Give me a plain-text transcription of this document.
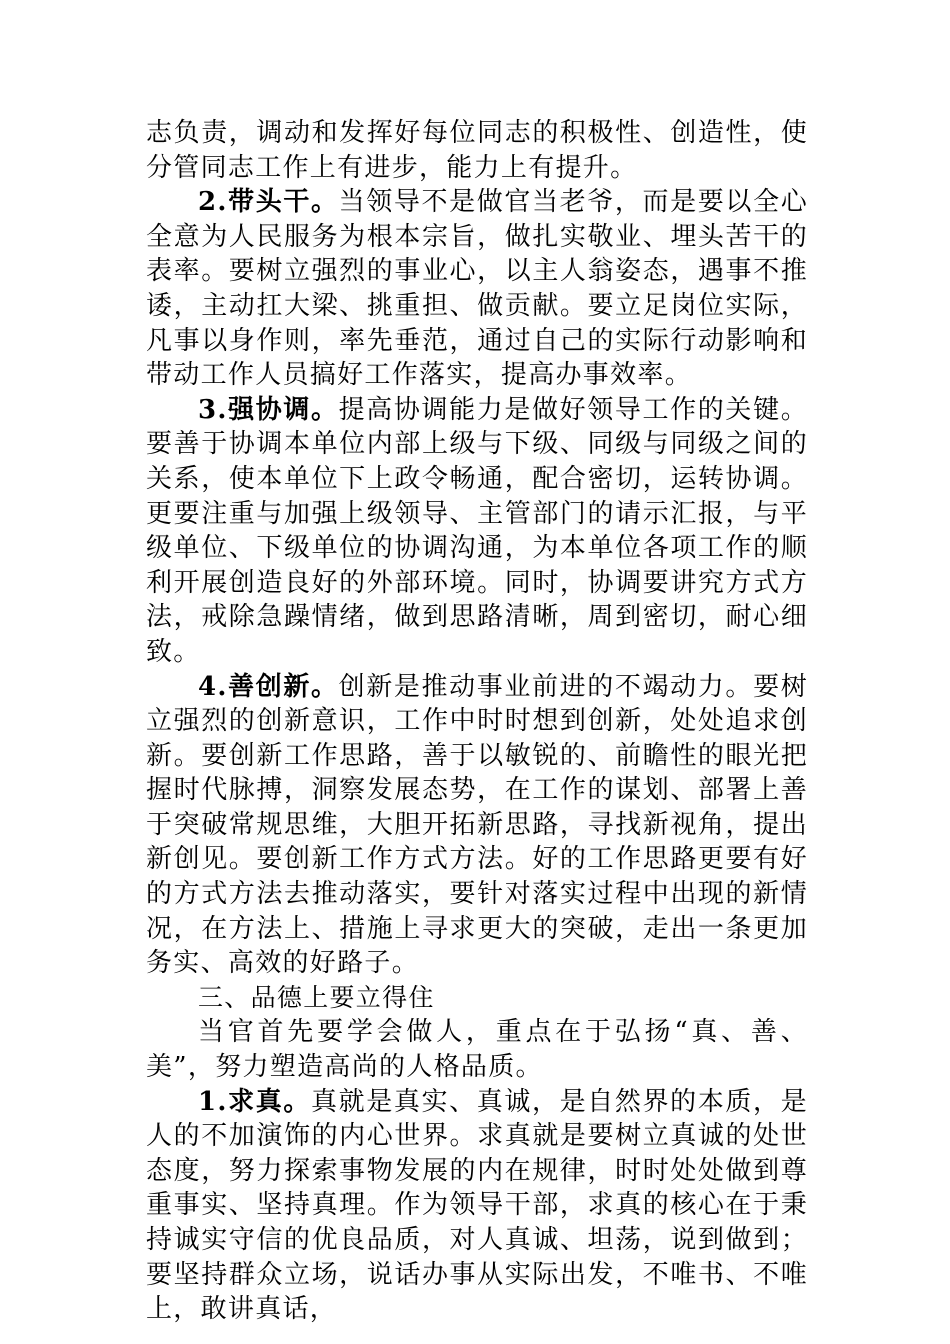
志负责，调动和发挥好每位同志的积极性、创造性，使分管同志工作上有进步，能力上有提升。

2.带头干。当领导不是做官当老爷，而是要以全心全意为人民服务为根本宗旨，做扎实敬业、埋头苦干的表率。要树立强烈的事业心，以主人翁姿态，遇事不推诿，主动扛大梁、挑重担、做贡献。要立足岗位实际，凡事以身作则，率先垂范，通过自己的实际行动影响和带动工作人员搞好工作落实，提高办事效率。

3.强协调。提高协调能力是做好领导工作的关键。要善于协调本单位内部上级与下级、同级与同级之间的关系，使本单位下上政令畅通，配合密切，运转协调。更要注重与加强上级领导、主管部门的请示汇报，与平级单位、下级单位的协调沟通，为本单位各项工作的顺利开展创造良好的外部环境。同时，协调要讲究方式方法，戒除急躁情绪，做到思路清晰，周到密切，耐心细致。

4.善创新。创新是推动事业前进的不竭动力。要树立强烈的创新意识，工作中时时想到创新，处处追求创新。要创新工作思路，善于以敏锐的、前瞻性的眼光把握时代脉搏，洞察发展态势，在工作的谋划、部署上善于突破常规思维，大胆开拓新思路，寻找新视角，提出新创见。要创新工作方式方法。好的工作思路更要有好的方式方法去推动落实，要针对落实过程中出现的新情况，在方法上、措施上寻求更大的突破，走出一条更加务实、高效的好路子。

三、品德上要立得住

当官首先要学会做人，重点在于弘扬“真、善、美”，努力塑造高尚的人格品质。

1.求真。真就是真实、真诚，是自然界的本质，是人的不加演饰的内心世界。求真就是要树立真诚的处世态度，努力探索事物发展的内在规律，时时处处做到尊重事实、坚持真理。作为领导干部，求真的核心在于秉持诚实守信的优良品质，对人真诚、坦荡，说到做到；要坚持群众立场，说话办事从实际出发，不唯书、不唯上，敢讲真话，
